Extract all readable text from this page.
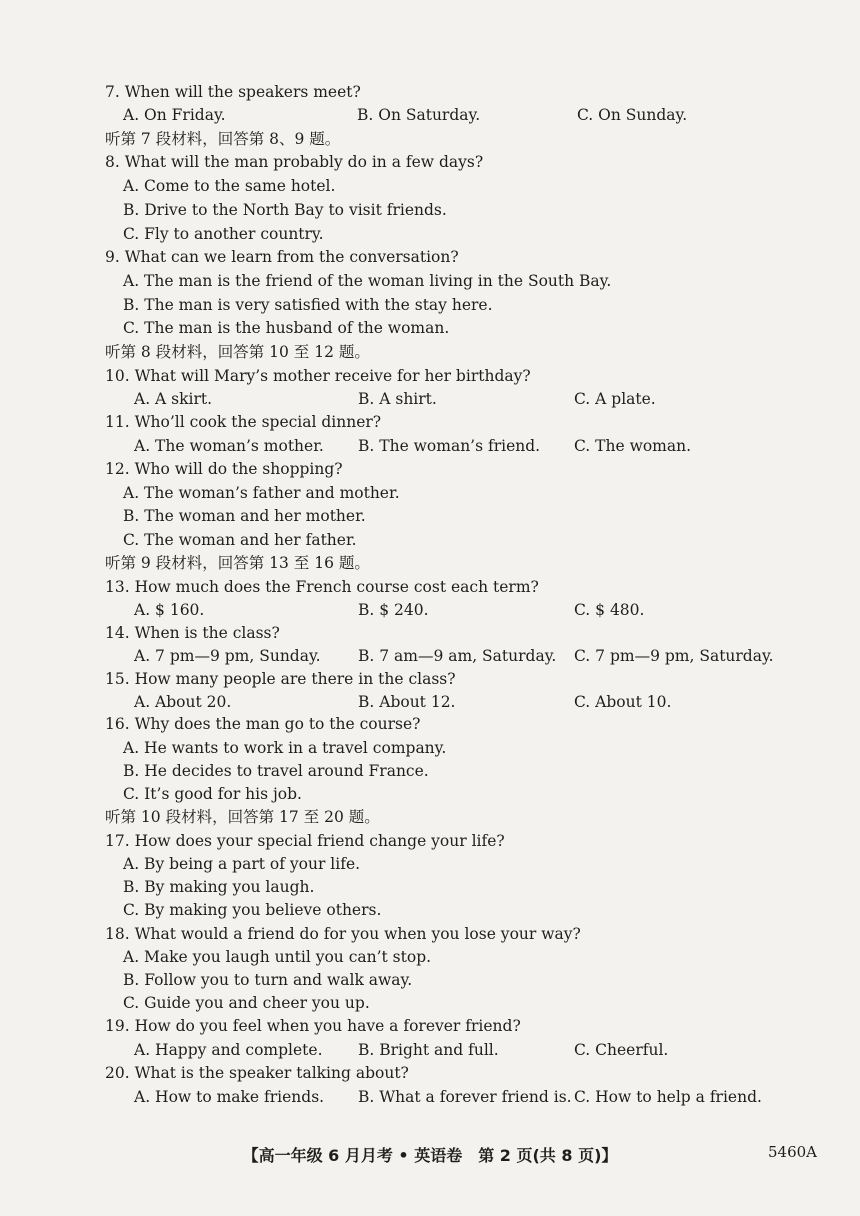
7. When will the speakers meet?
A. On Friday.	B. On Saturday.	C. On Sunday.
听第 7 段材料，回答第 8、9 题。
8. What will the man probably do in a few days?
A. Come to the same hotel.
B. Drive to the North Bay to visit friends.
C. Fly to another country.
9. What can we learn from the conversation?
A. The man is the friend of the woman living in the South Bay.
B. The man is very satisfied with the stay here.
C. The man is the husband of the woman.
听第 8 段材料，回答第 10 至 12 题。
10. What will Mary’s mother receive for her birthday?
A. A skirt.	B. A shirt.	C. A plate.
11. Who’ll cook the special dinner?
A. The woman’s mother. B. The woman’s friend. C. The woman.
12. Who will do the shopping?
A. The woman’s father and mother.
B. The woman and her mother.
C. The woman and her father.
听第 9 段材料，回答第 13 至 16 题。
13. How much does the French course cost each term?
A. $ 160.	B. $ 240.	C. $ 480.
14. When is the class?
A. 7 pm—9 pm, Sunday. B. 7 am—9 am, Saturday. C. 7 pm—9 pm, Saturday.
15. How many people are there in the class?
A. About 20.	B. About 12.	C. About 10.
16. Why does the man go to the course?
A. He wants to work in a travel company.
B. He decides to travel around France.
C. It’s good for his job.
听第 10 段材料，回答第 17 至 20 题。
17. How does your special friend change your life?
A. By being a part of your life.
B. By making you laugh.
C. By making you believe others.
18. What would a friend do for you when you lose your way?
A. Make you laugh until you can’t stop.
B. Follow you to turn and walk away.
C. Guide you and cheer you up.
19. How do you feel when you have a forever friend?
A. Happy and complete. B. Bright and full.	C. Cheerful.
20. What is the speaker talking about?
A. How to make friends. B. What a forever friend is. C. How to help a friend.
【高一年级 6 月月考 • 英语卷　第 2 页(共 8 页)】	5460A
